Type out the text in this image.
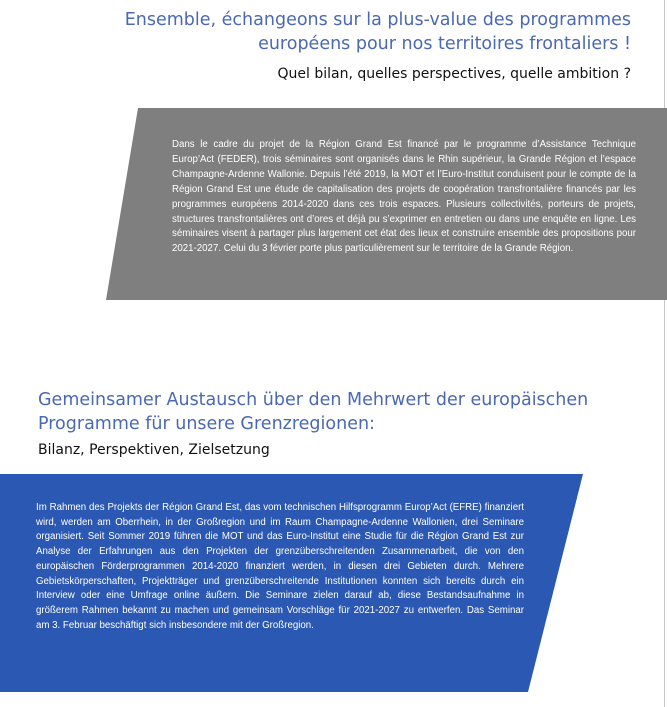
Ensemble, échangeons sur la plus-value des programmes européens pour nos territoires frontaliers !
Quel bilan, quelles perspectives, quelle ambition ?

Dans le cadre du projet de la Région Grand Est financé par le programme d’Assistance Technique Europ’Act (FEDER), trois séminaires sont organisés dans le Rhin supérieur, la Grande Région et l’espace Champagne-Ardenne Wallonie. Depuis l’été 2019, la MOT et l’Euro-Institut conduisent pour le compte de la Région Grand Est une étude de capitalisation des projets de coopération transfrontalière financés par les programmes européens 2014-2020 dans ces trois espaces. Plusieurs collectivités, porteurs de projets, structures transfrontalières ont d’ores et déjà pu s’exprimer en entretien ou dans une enquête en ligne. Les séminaires visent à partager plus largement cet état des lieux et construire ensemble des propositions pour 2021-2027. Celui du 3 février porte plus particulièrement sur le territoire de la Grande Région.

Gemeinsamer Austausch über den Mehrwert der europäischen Programme für unsere Grenzregionen:
Bilanz, Perspektiven, Zielsetzung

Im Rahmen des Projekts der Région Grand Est, das vom technischen Hilfsprogramm Europ’Act (EFRE) finanziert wird, werden am Oberrhein, in der Großregion und im Raum Champagne-Ardenne Wallonien, drei Seminare organisiert. Seit Sommer 2019 führen die MOT und das Euro-Institut eine Studie für die Région Grand Est zur Analyse der Erfahrungen aus den Projekten der grenzüberschreitenden Zusammenarbeit, die von den europäischen Förderprogrammen 2014-2020 finanziert werden, in diesen drei Gebieten durch. Mehrere Gebietskörperschaften, Projektträger und grenzüberschreitende Institutionen konnten sich bereits durch ein Interview oder eine Umfrage online äußern. Die Seminare zielen darauf ab, diese Bestandsaufnahme in größerem Rahmen bekannt zu machen und gemeinsam Vorschläge für 2021-2027 zu entwerfen. Das Seminar am 3. Februar beschäftigt sich insbesondere mit der Großregion.
